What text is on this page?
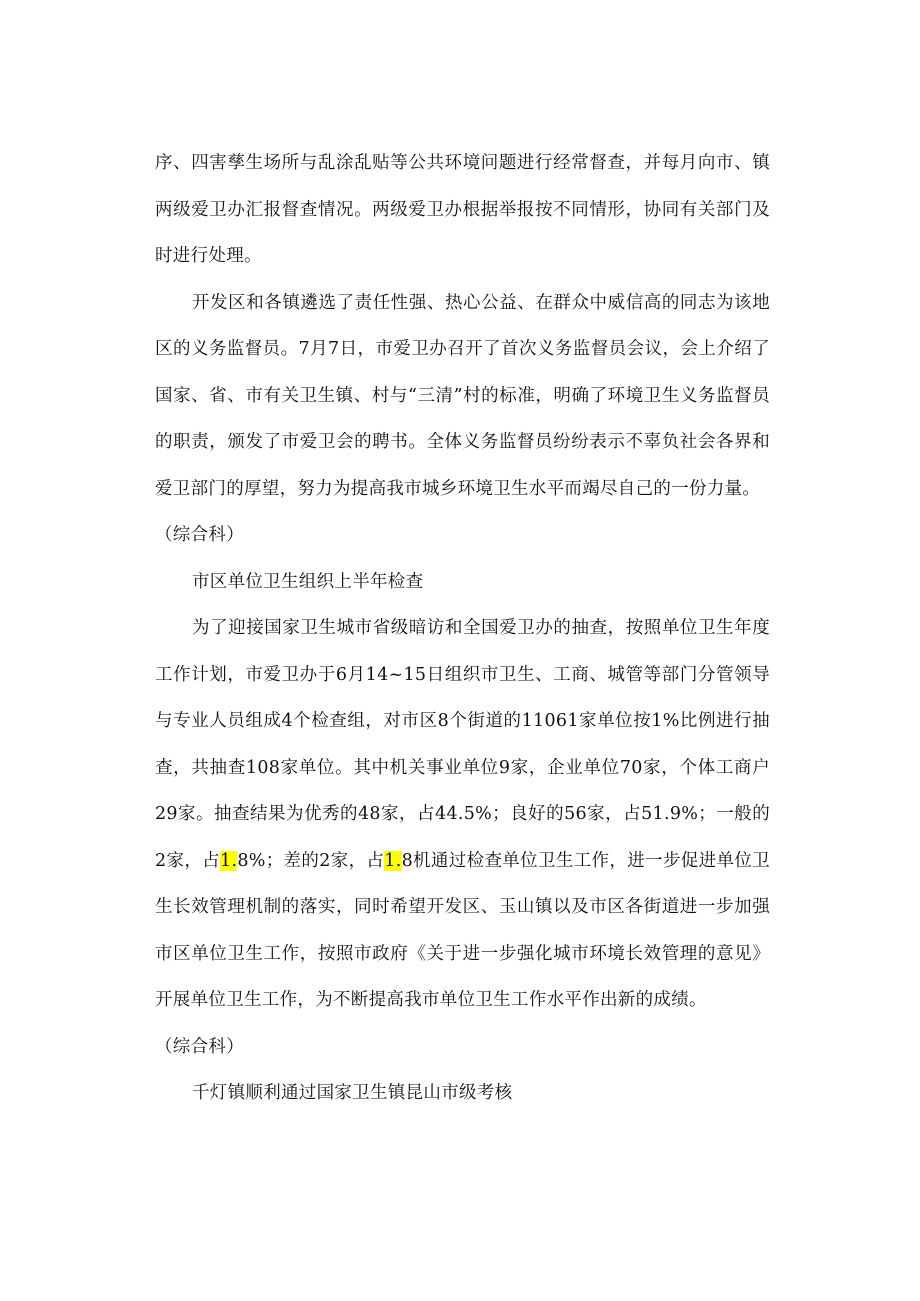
序、四害孳生场所与乱涂乱贴等公共环境问题进行经常督查，并每月向市、镇两级爱卫办汇报督查情况。两级爱卫办根据举报按不同情形，协同有关部门及时进行处理。

开发区和各镇遴选了责任性强、热心公益、在群众中威信高的同志为该地区的义务监督员。7月7日，市爱卫办召开了首次义务监督员会议，会上介绍了国家、省、市有关卫生镇、村与“三清”村的标准，明确了环境卫生义务监督员的职责，颁发了市爱卫会的聘书。全体义务监督员纷纷表示不辜负社会各界和爱卫部门的厚望，努力为提高我市城乡环境卫生水平而竭尽自己的一份力量。

（综合科）

市区单位卫生组织上半年检查

为了迎接国家卫生城市省级暗访和全国爱卫办的抽查，按照单位卫生年度工作计划，市爱卫办于6月14~15日组织市卫生、工商、城管等部门分管领导与专业人员组成4个检查组，对市区8个街道的11061家单位按1%比例进行抽查，共抽查108家单位。其中机关事业单位9家，企业单位70家，个体工商户29家。抽查结果为优秀的48家，占44.5%；良好的56家，占51.9%；一般的2家，占1.8%；差的2家，占1.8机通过检查单位卫生工作，进一步促进单位卫生长效管理机制的落实，同时希望开发区、玉山镇以及市区各街道进一步加强市区单位卫生工作，按照市政府《关于进一步强化城市环境长效管理的意见》开展单位卫生工作，为不断提高我市单位卫生工作水平作出新的成绩。

（综合科）

千灯镇顺利通过国家卫生镇昆山市级考核
